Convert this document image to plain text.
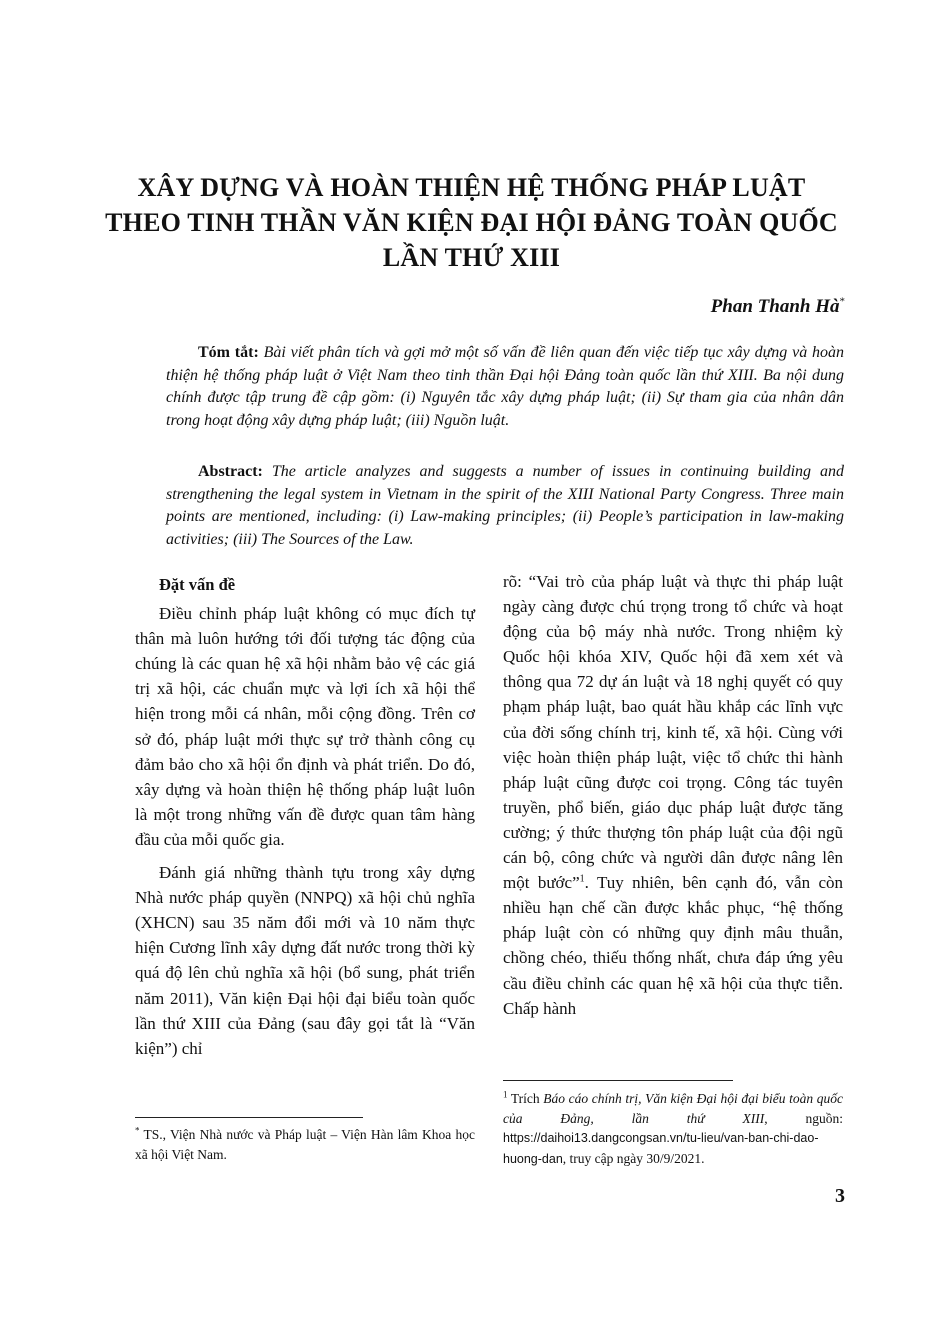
XÂY DỰNG VÀ HOÀN THIỆN HỆ THỐNG PHÁP LUẬT
THEO TINH THẦN VĂN KIỆN ĐẠI HỘI ĐẢNG TOÀN QUỐC
LẦN THỨ XIII
Phan Thanh Hà*

Tóm tắt: Bài viết phân tích và gợi mở một số vấn đề liên quan đến việc tiếp tục xây dựng và hoàn thiện hệ thống pháp luật ở Việt Nam theo tinh thần Đại hội Đảng toàn quốc lần thứ XIII. Ba nội dung chính được tập trung đề cập gồm: (i) Nguyên tắc xây dựng pháp luật; (ii) Sự tham gia của nhân dân trong hoạt động xây dựng pháp luật; (iii) Nguồn luật.

Abstract: The article analyzes and suggests a number of issues in continuing building and strengthening the legal system in Vietnam in the spirit of the XIII National Party Congress. Three main points are mentioned, including: (i) Law-making principles; (ii) People’s participation in law-making activities; (iii) The Sources of the Law.

Đặt vấn đề

Điều chỉnh pháp luật không có mục đích tự thân mà luôn hướng tới đối tượng tác động của chúng là các quan hệ xã hội nhằm bảo vệ các giá trị xã hội, các chuẩn mực và lợi ích xã hội thể hiện trong mỗi cá nhân, mỗi cộng đồng. Trên cơ sở đó, pháp luật mới thực sự trở thành công cụ đảm bảo cho xã hội ổn định và phát triển. Do đó, xây dựng và hoàn thiện hệ thống pháp luật luôn là một trong những vấn đề được quan tâm hàng đầu của mỗi quốc gia.

Đánh giá những thành tựu trong xây dựng Nhà nước pháp quyền (NNPQ) xã hội chủ nghĩa (XHCN) sau 35 năm đổi mới và 10 năm thực hiện Cương lĩnh xây dựng đất nước trong thời kỳ quá độ lên chủ nghĩa xã hội (bổ sung, phát triển năm 2011), Văn kiện Đại hội đại biểu toàn quốc lần thứ XIII của Đảng (sau đây gọi tắt là “Văn kiện”) chỉ

rõ: “Vai trò của pháp luật và thực thi pháp luật ngày càng được chú trọng trong tổ chức và hoạt động của bộ máy nhà nước. Trong nhiệm kỳ Quốc hội khóa XIV, Quốc hội đã xem xét và thông qua 72 dự án luật và 18 nghị quyết có quy phạm pháp luật, bao quát hầu khắp các lĩnh vực của đời sống chính trị, kinh tế, xã hội. Cùng với việc hoàn thiện pháp luật, việc tổ chức thi hành pháp luật cũng được coi trọng. Công tác tuyên truyền, phổ biến, giáo dục pháp luật được tăng cường; ý thức thượng tôn pháp luật của đội ngũ cán bộ, công chức và người dân được nâng lên một bước”$^1$. Tuy nhiên, bên cạnh đó, vẫn còn nhiều hạn chế cần được khắc phục, “hệ thống pháp luật còn có những quy định mâu thuẫn, chồng chéo, thiếu thống nhất, chưa đáp ứng yêu cầu điều chỉnh các quan hệ xã hội của thực tiễn. Chấp hành

* TS., Viện Nhà nước và Pháp luật – Viện Hàn lâm Khoa học xã hội Việt Nam.
$^1$ Trích Báo cáo chính trị, Văn kiện Đại hội đại biểu toàn quốc của Đảng, lần thứ XIII, nguồn: https://daihoi13.dangcongsan.vn/tu-lieu/van-ban-chi-dao-huong-dan, truy cập ngày 30/9/2021.
3
